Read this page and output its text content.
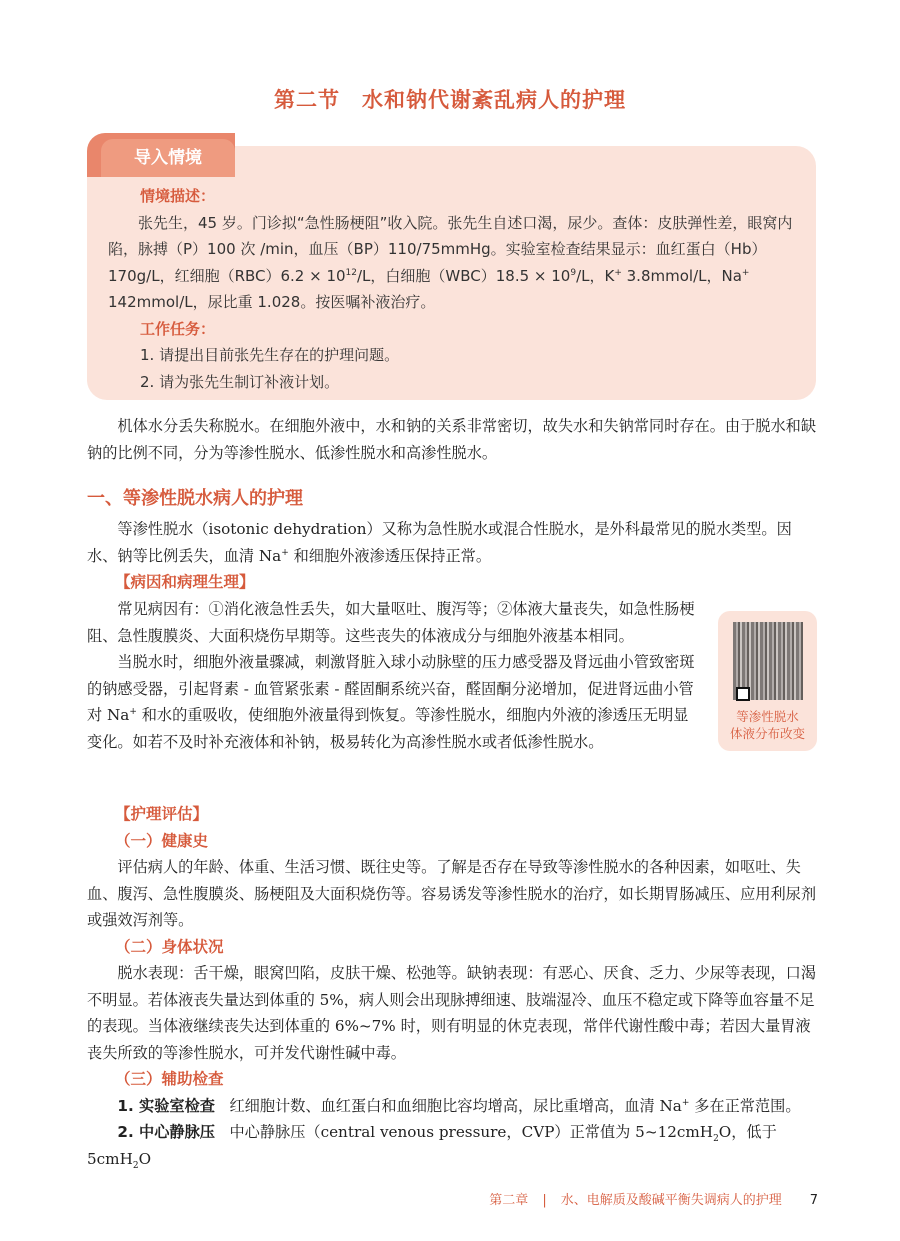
第二节　水和钠代谢紊乱病人的护理
导入情境
情境描述：
张先生，45 岁。门诊拟“急性肠梗阻”收入院。张先生自述口渴，尿少。查体：皮肤弹性差，眼窝内陷，脉搏（P）100 次 /min，血压（BP）110/75mmHg。实验室检查结果显示：血红蛋白（Hb）170g/L，红细胞$(RBC)6.2 \times 10^{12}/L$，白细胞$(WBC)18.5 \times 10^9/L$，K+ 3.8mmol/L，Na+ 142mmol/L，尿比重 1.028。按医嘱补液治疗。
工作任务：
1. 请提出目前张先生存在的护理问题。
2. 请为张先生制订补液计划。
机体水分丢失称脱水。在细胞外液中，水和钠的关系非常密切，故失水和失钠常同时存在。由于脱水和缺钠的比例不同，分为等渗性脱水、低渗性脱水和高渗性脱水。
一、等渗性脱水病人的护理
等渗性脱水（isotonic dehydration）又称为急性脱水或混合性脱水，是外科最常见的脱水类型。因水、钠等比例丢失，血清 Na+ 和细胞外液渗透压保持正常。
【病因和病理生理】
常见病因有：①消化液急性丢失，如大量呕吐、腹泻等；②体液大量丧失，如急性肠梗阻、急性腹膜炎、大面积烧伤早期等。这些丧失的体液成分与细胞外液基本相同。
当脱水时，细胞外液量骤减，刺激肾脏入球小动脉壁的压力感受器及肾远曲小管致密斑的钠感受器，引起肾素 - 血管紧张素 - 醛固酮系统兴奋，醛固酮分泌增加，促进肾远曲小管对 Na+ 和水的重吸收，使细胞外液量得到恢复。等渗性脱水，细胞内外液的渗透压无明显变化。如若不及时补充液体和补钠，极易转化为高渗性脱水或者低渗性脱水。
等渗性脱水
体液分布改变
【护理评估】
（一）健康史
评估病人的年龄、体重、生活习惯、既往史等。了解是否存在导致等渗性脱水的各种因素，如呕吐、失血、腹泻、急性腹膜炎、肠梗阻及大面积烧伤等。容易诱发等渗性脱水的治疗，如长期胃肠减压、应用利尿剂或强效泻剂等。
（二）身体状况
脱水表现：舌干燥，眼窝凹陷，皮肤干燥、松弛等。缺钠表现：有恶心、厌食、乏力、少尿等表现，口渴不明显。若体液丧失量达到体重的 5%，病人则会出现脉搏细速、肢端湿冷、血压不稳定或下降等血容量不足的表现。当体液继续丧失达到体重的 6%~7% 时，则有明显的休克表现，常伴代谢性酸中毒；若因大量胃液丧失所致的等渗性脱水，可并发代谢性碱中毒。
（三）辅助检查
1. 实验室检查 红细胞计数、血红蛋白和血细胞比容均增高，尿比重增高，血清 Na+ 多在正常范围。
2. 中心静脉压 中心静脉压（central venous pressure，CVP）正常值为 5~12cmH$_2$O，低于 5cmH$_2$O
第二章 | 水、电解质及酸碱平衡失调病人的护理 7
